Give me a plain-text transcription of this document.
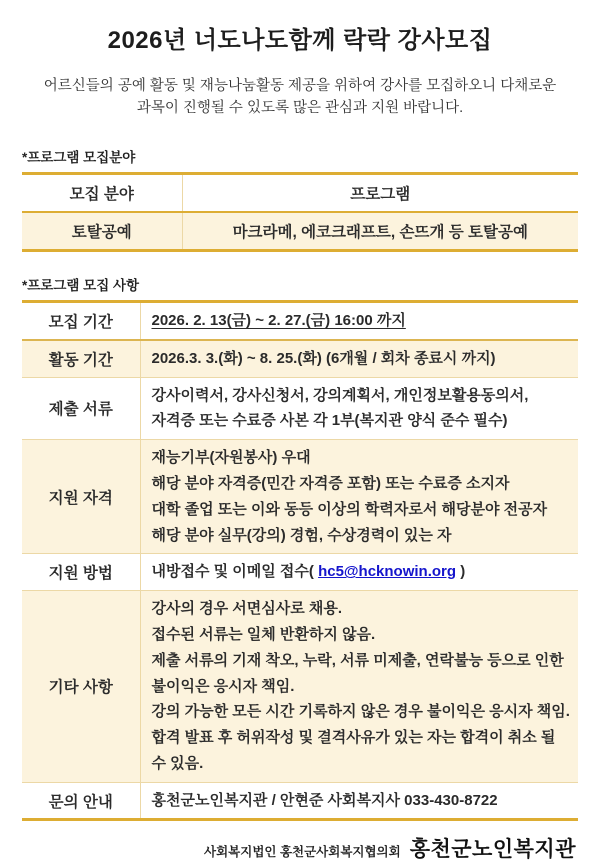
2026년 너도나도함께 락락 강사모집

어르신들의 공예 활동 및 재능나눔활동 제공을 위하여 강사를 모집하오니 다채로운 과목이 진행될 수 있도록 많은 관심과 지원 바랍니다.

*프로그램 모집분야
모집 분야	프로그램
토탈공예	마크라메, 에코크래프트, 손뜨개 등 토탈공예
*프로그램 모집 사항
모집 기간	2026. 2. 13(금) ~ 2. 27.(금) 16:00 까지

활동 기간	2026.3. 3.(화) ~ 8. 25.(화) (6개월 / 회차 종료시 까지)

제출 서류	강사이력서, 강사신청서, 강의계획서, 개인정보활용동의서, 자격증 또는 수료증 사본 각 1부(복지관 양식 준수 필수)

지원 자격	재능기부(자원봉사) 우대
해당 분야 자격증(민간 자격증 포함) 또는 수료증 소지자
대학 졸업 또는 이와 동등 이상의 학력자로서 해당분야 전공자
해당 분야 실무(강의) 경험, 수상경력이 있는 자

지원 방법	내방접수 및 이메일 접수( hc5@hcknowin.org )
기타 사항	강사의 경우 서면심사로 채용.
접수된 서류는 일체 반환하지 않음.
제출 서류의 기재 착오, 누락, 서류 미제출, 연락불능 등으로 인한 불이익은 응시자 책임.
강의 가능한 모든 시간 기록하지 않은 경우 불이익은 응시자 책임.
합격 발표 후 허위작성 및 결격사유가 있는 자는 합격이 취소 될 수 있음.

문의 안내	홍천군노인복지관 / 안현준 사회복지사 033-430-8722
사회복지법인 홍천군사회복지협의회 홍천군노인복지관
